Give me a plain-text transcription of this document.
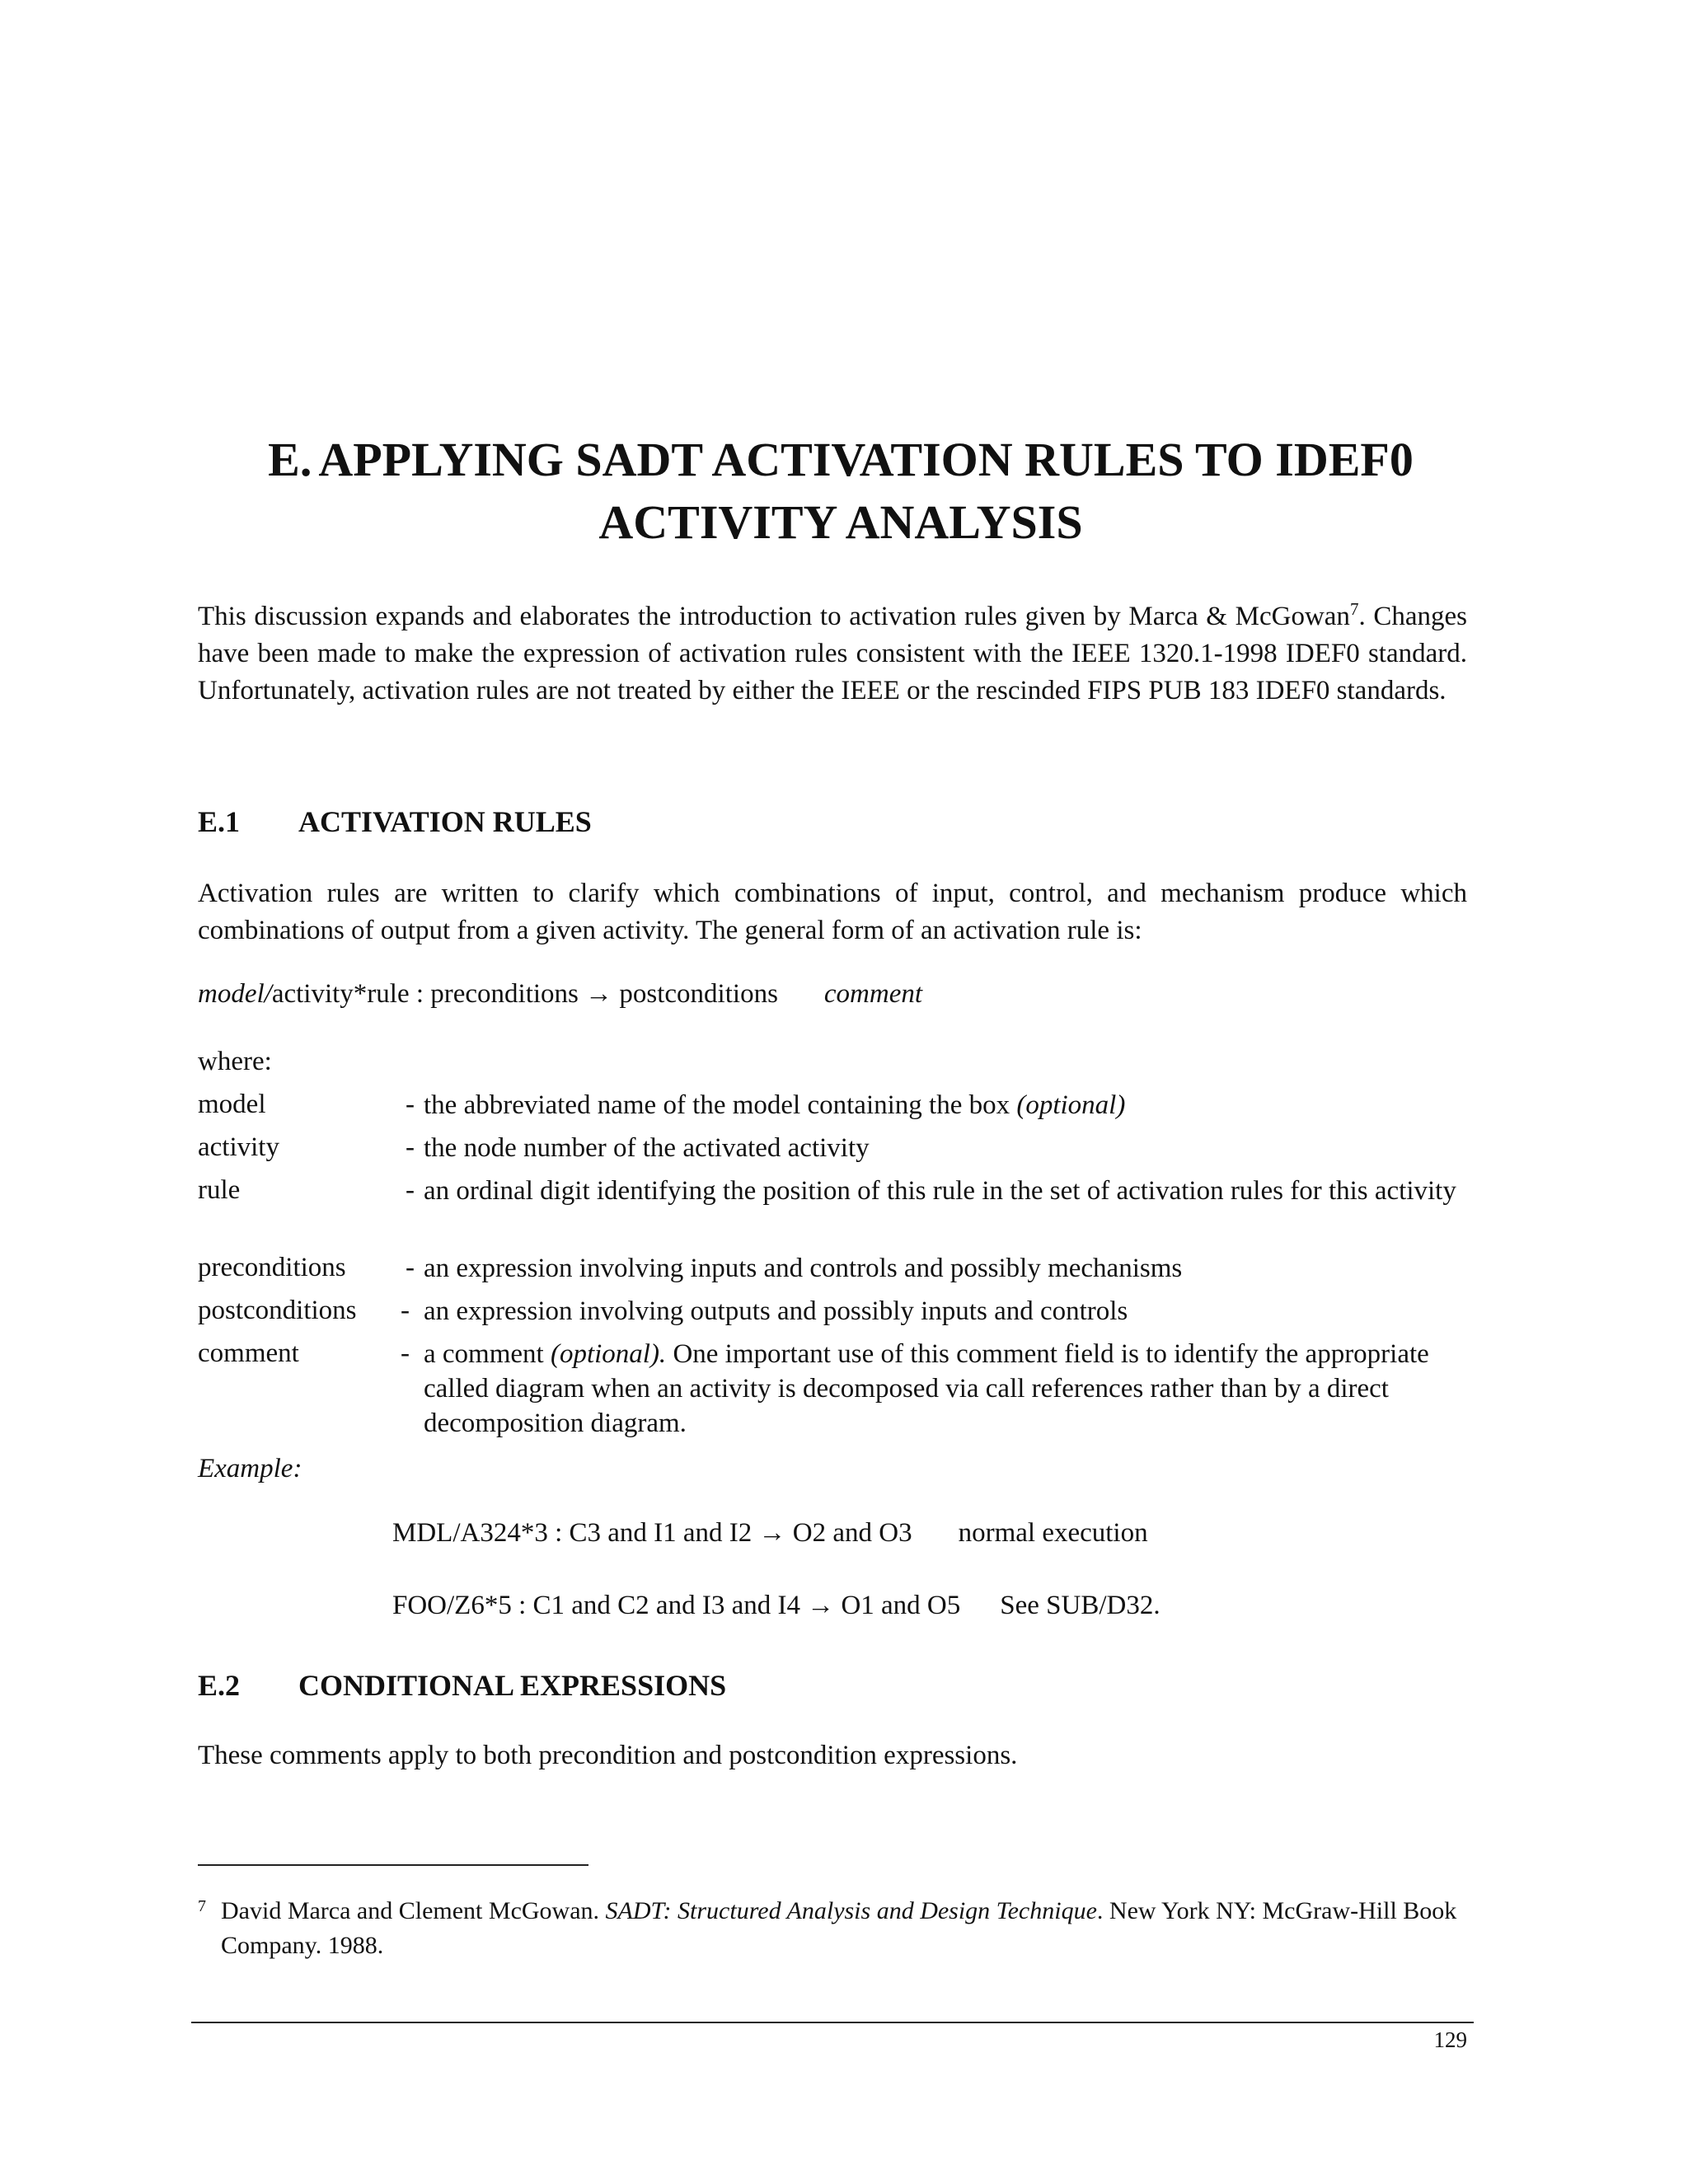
E. APPLYING SADT ACTIVATION RULES TO IDEF0
ACTIVITY ANALYSIS
This discussion expands and elaborates the introduction to activation rules given by Marca & McGowan$^7$. Changes have been made to make the expression of activation rules consistent with the IEEE 1320.1-1998 IDEF0 standard. Unfortunately, activation rules are not treated by either the IEEE or the rescinded FIPS PUB 183 IDEF0 standards.
E.1 ACTIVATION RULES
Activation rules are written to clarify which combinations of input, control, and mechanism produce which combinations of output from a given activity. The general form of an activation rule is:
model/activity*rule : preconditions → postconditions comment
where:
model	- the abbreviated name of the model containing the box (optional)
activity	- the node number of the activated activity
rule	- an ordinal digit identifying the position of this rule in the set of activation rules for this activity
preconditions - an expression involving inputs and controls and possibly mechanisms
postconditions - an expression involving outputs and possibly inputs and controls
comment	- a comment (optional). One important use of this comment field is to identify the appropriate called diagram when an activity is decomposed via call references rather than by a direct decomposition diagram.
Example:
MDL/A324*3 : C3 and I1 and I2 → O2 and O3 normal execution
FOO/Z6*5 : C1 and C2 and I3 and I4 → O1 and O5 See SUB/D32.
E.2 CONDITIONAL EXPRESSIONS
These comments apply to both precondition and postcondition expressions.
7 David Marca and Clement McGowan. SADT: Structured Analysis and Design Technique. New York NY: McGraw-Hill Book Company. 1988.
129
